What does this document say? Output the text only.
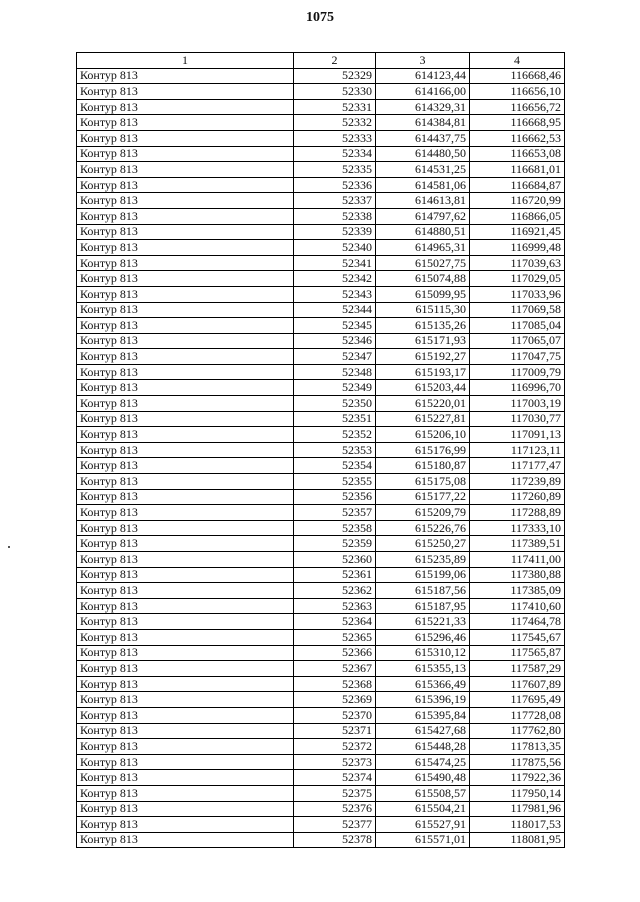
1075
1	2	3	4
Контур 813	52329	614123,44	116668,46
Контур 813	52330	614166,00	116656,10
Контур 813	52331	614329,31	116656,72
Контур 813	52332	614384,81	116668,95
Контур 813	52333	614437,75	116662,53
Контур 813	52334	614480,50	116653,08
Контур 813	52335	614531,25	116681,01
Контур 813	52336	614581,06	116684,87
Контур 813	52337	614613,81	116720,99
Контур 813	52338	614797,62	116866,05
Контур 813	52339	614880,51	116921,45
Контур 813	52340	614965,31	116999,48
Контур 813	52341	615027,75	117039,63
Контур 813	52342	615074,88	117029,05
Контур 813	52343	615099,95	117033,96
Контур 813	52344	615115,30	117069,58
Контур 813	52345	615135,26	117085,04
Контур 813	52346	615171,93	117065,07
Контур 813	52347	615192,27	117047,75
Контур 813	52348	615193,17	117009,79
Контур 813	52349	615203,44	116996,70
Контур 813	52350	615220,01	117003,19
Контур 813	52351	615227,81	117030,77
Контур 813	52352	615206,10	117091,13
Контур 813	52353	615176,99	117123,11
Контур 813	52354	615180,87	117177,47
Контур 813	52355	615175,08	117239,89
Контур 813	52356	615177,22	117260,89
Контур 813	52357	615209,79	117288,89
Контур 813	52358	615226,76	117333,10
Контур 813	52359	615250,27	117389,51
Контур 813	52360	615235,89	117411,00
Контур 813	52361	615199,06	117380,88
Контур 813	52362	615187,56	117385,09
Контур 813	52363	615187,95	117410,60
Контур 813	52364	615221,33	117464,78
Контур 813	52365	615296,46	117545,67
Контур 813	52366	615310,12	117565,87
Контур 813	52367	615355,13	117587,29
Контур 813	52368	615366,49	117607,89
Контур 813	52369	615396,19	117695,49
Контур 813	52370	615395,84	117728,08
Контур 813	52371	615427,68	117762,80
Контур 813	52372	615448,28	117813,35
Контур 813	52373	615474,25	117875,56
Контур 813	52374	615490,48	117922,36
Контур 813	52375	615508,57	117950,14
Контур 813	52376	615504,21	117981,96
Контур 813	52377	615527,91	118017,53
Контур 813	52378	615571,01	118081,95
